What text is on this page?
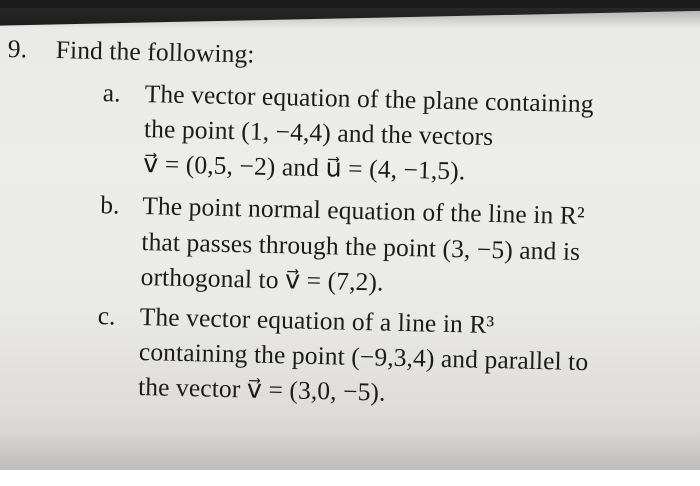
9. Find the following:
a. The vector equation of the plane containing
the point (1, −4,4) and the vectors
v⃗ = (0,5, −2) and u⃗ = (4, −1,5).
b. The point normal equation of the line in R²
that passes through the point (3, −5) and is
orthogonal to v⃗ = (7,2).
c. The vector equation of a line in R³
containing the point (−9,3,4) and parallel to
the vector v⃗ = (3,0, −5).
